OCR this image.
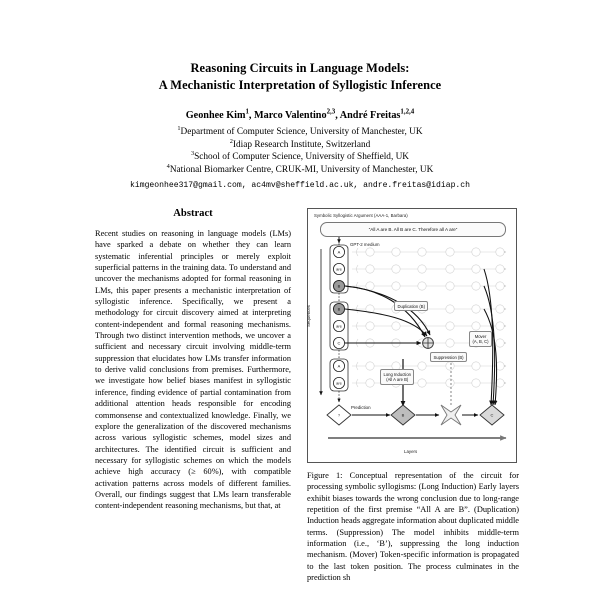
Reasoning Circuits in Language Models:
A Mechanistic Interpretation of Syllogistic Inference
Geonhee Kim$^1$, Marco Valentino$^{2,3}$, André Freitas$^{1,2,4}$
$^1$Department of Computer Science, University of Manchester, UK
$^2$Idiap Research Institute, Switzerland
$^3$School of Computer Science, University of Sheffield, UK
$^4$National Biomarker Centre, CRUK-MI, University of Manchester, UK
kimgeonhee317@gmail.com, ac4mv@sheffield.ac.uk, andre.freitas@idiap.ch
Abstract

Recent studies on reasoning in language models (LMs) have sparked a debate on whether they can learn systematic inferential principles or merely exploit superficial patterns in the training data. To understand and uncover the mechanisms adopted for formal reasoning in LMs, this paper presents a mechanistic interpretation of syllogistic inference. Specifically, we present a methodology for circuit discovery aimed at interpreting content-independent and formal reasoning mechanisms. Through two distinct intervention methods, we uncover a sufficient and necessary circuit involving middle-term suppression that elucidates how LMs transfer information to derive valid conclusions from premises. Furthermore, we investigate how belief biases manifest in syllogistic inference, finding evidence of partial contamination from additional attention heads responsible for encoding commonsense and contextualized knowledge. Finally, we explore the generalization of the discovered mechanisms across various syllogistic schemes, model sizes and architectures. The identified circuit is sufficient and necessary for syllogistic schemes on which the models achieve high accuracy (≥ 60%), with compatible activation patterns across models of different families. Overall, our findings suggest that LMs learn transferable content-independent reasoning mechanisms, but that, at

Symbolic Syllogistic Argument (AAA-1, Barbara)
“All A are B. All B are C. Therefore all A are”
GPT-2 medium
Sequences
Layers
A
are
B
B
are
C
A
are
?	B	C
Duplication (B)
Suppression (B)
Long Induction
(All A are B)
Mover
(A, B, C)
Prediction

Figure 1: Conceptual representation of the circuit for processing symbolic syllogisms: (Long Induction) Early layers exhibit biases towards the wrong conclusion due to long-range repetition of the first premise “All A are B”. (Duplication) Induction heads aggregate information about duplicated middle terms. (Suppression) The model inhibits middle-term information (i.e., ‘B’), suppressing the long induction mechanism. (Mover) Token-specific information is propagated to the last token position. The process culminates in the prediction sh
